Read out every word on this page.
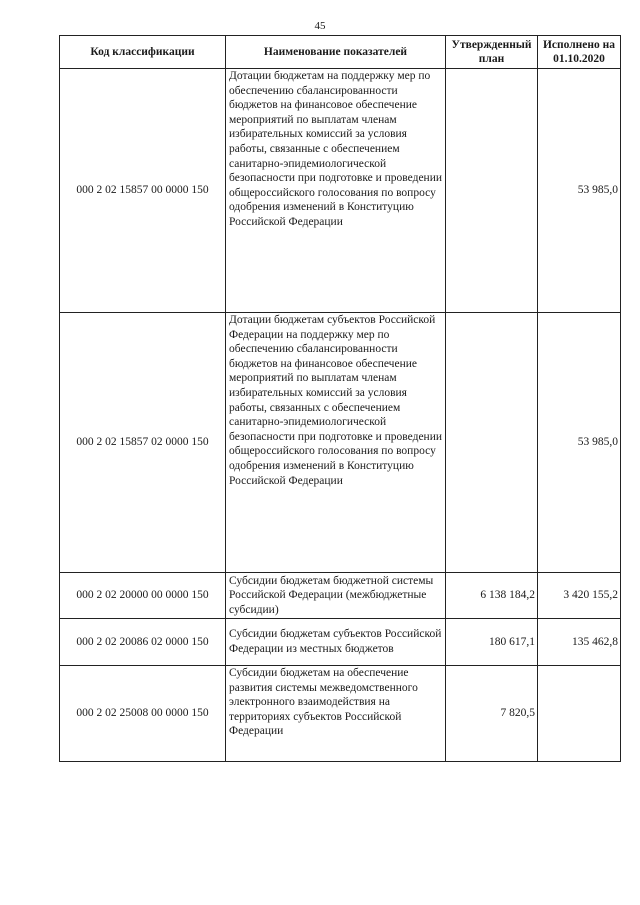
45
Код классификации	Наименование показателей	Утвержденный план	Исполнено на 01.10.2020
000 2 02 15857 00 0000 150	Дотации бюджетам на поддержку мер по обеспечению сбалансированности бюджетов на финансовое обеспечение мероприятий по выплатам членам избирательных комиссий за условия работы, связанные с обеспечением санитарно-эпидемиологической безопасности при подготовке и проведении общероссийского голосования по вопросу одобрения изменений в Конституцию Российской Федерации		53 985,0
000 2 02 15857 02 0000 150	Дотации бюджетам субъектов Российской Федерации на поддержку мер по обеспечению сбалансированности бюджетов на финансовое обеспечение мероприятий по выплатам членам избирательных комиссий за условия работы, связанных с обеспечением санитарно-эпидемиологической безопасности при подготовке и проведении общероссийского голосования по вопросу одобрения изменений в Конституцию Российской Федерации		53 985,0
000 2 02 20000 00 0000 150	Субсидии бюджетам бюджетной системы Российской Федерации (межбюджетные субсидии)	6 138 184,2	3 420 155,2
000 2 02 20086 02 0000 150	Субсидии бюджетам субъектов Российской Федерации из местных бюджетов	180 617,1	135 462,8
000 2 02 25008 00 0000 150	Субсидии бюджетам на обеспечение развития системы межведомственного электронного взаимодействия на территориях субъектов Российской Федерации	7 820,5	
